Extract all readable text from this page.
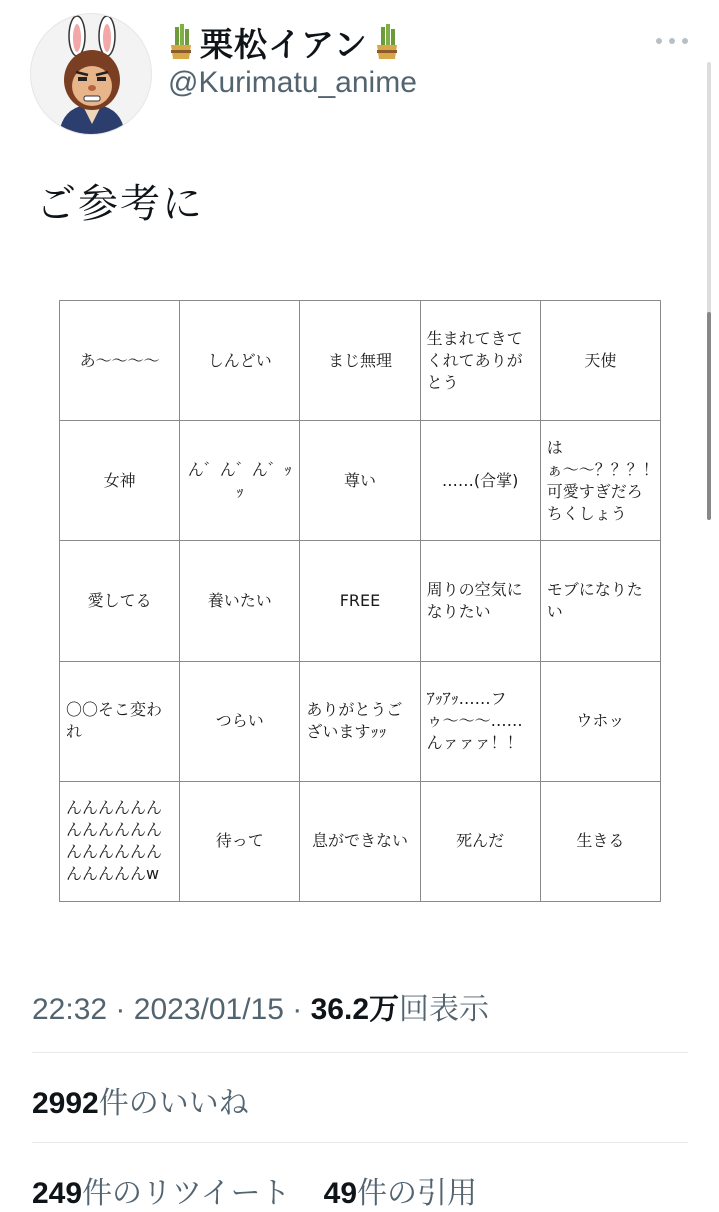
栗松イアン
@Kurimatu_anime
ご参考に
あ〜〜〜〜	しんどい	まじ無理	生まれてきてくれてありがとう	天使
女神	ん゛ん゛ん゛ｯｯ	尊い	……(合掌)	はぁ〜〜？？？！可愛すぎだろちくしょう
愛してる	養いたい	FREE	周りの空気になりたい	モブになりたい
〇〇そこ変われ	つらい	ありがとうございますｯｯ	ｱｯｱｯ……フゥ〜〜〜……んァァァ！！	ウホッ
んんんんんんんんんんんんんんんんんんんんんんんw	待って	息ができない	死んだ	生きる
22:32 · 2023/01/15 · 36.2万回表示
2992件のいいね
249件のリツイート 49件の引用
